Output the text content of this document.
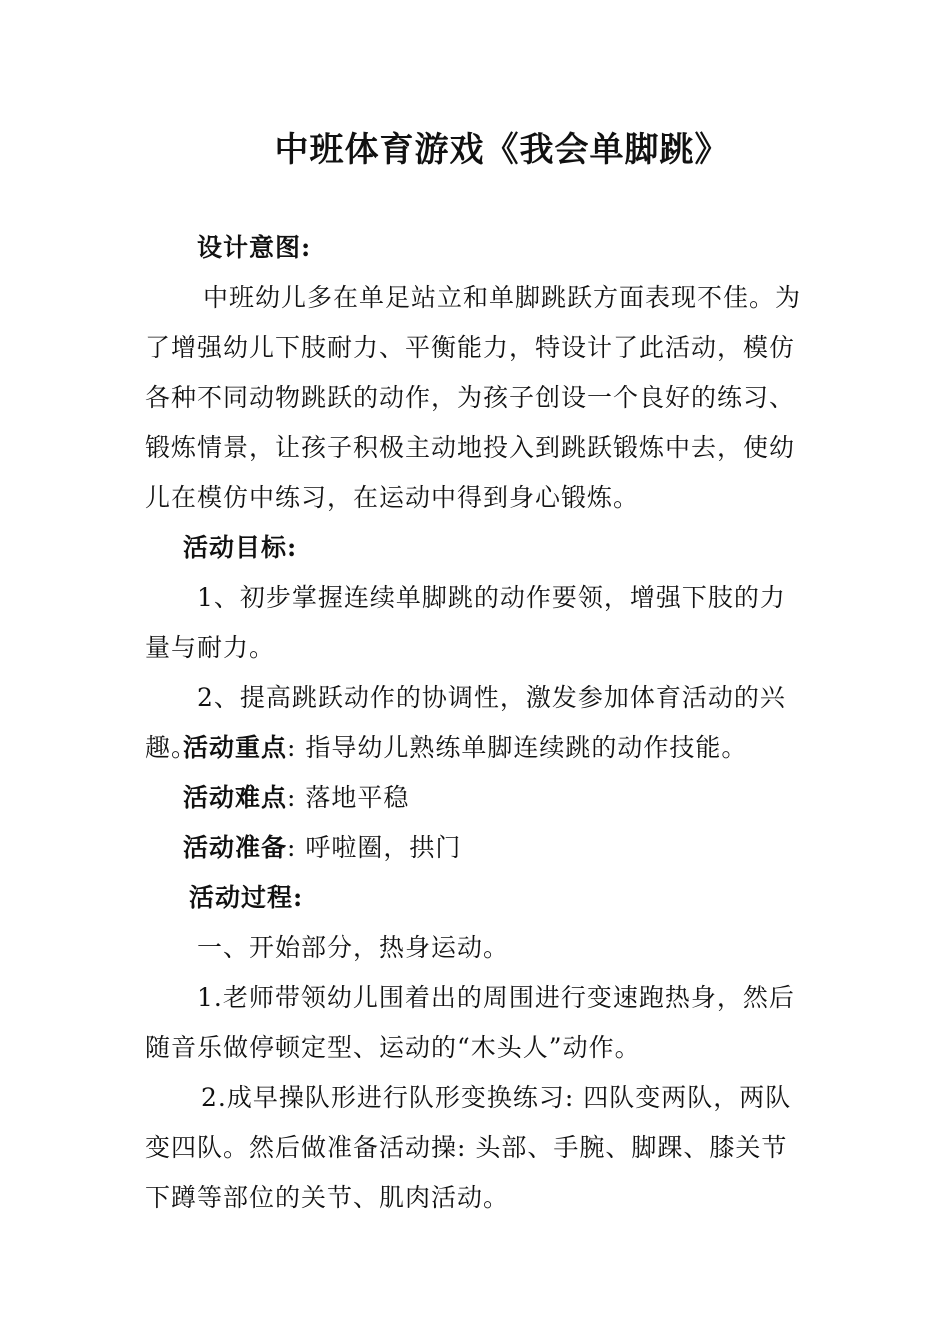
中班体育游戏《我会单脚跳》

设计意图:

中班幼儿多在单足站立和单脚跳跃方面表现不佳。为了增强幼儿下肢耐力、平衡能力，特设计了此活动，模仿各种不同动物跳跃的动作，为孩子创设一个良好的练习、锻炼情景，让孩子积极主动地投入到跳跃锻炼中去，使幼儿在模仿中练习，在运动中得到身心锻炼。

活动目标:

1、初步掌握连续单脚跳的动作要领，增强下肢的力量与耐力。

2、提高跳跃动作的协调性，激发参加体育活动的兴趣。

活动重点: 指导幼儿熟练单脚连续跳的动作技能。

活动难点: 落地平稳

活动准备: 呼啦圈，拱门

活动过程:

一、开始部分，热身运动。

1.老师带领幼儿围着出的周围进行变速跑热身，然后随音乐做停顿定型、运动的“木头人”动作。

2.成早操队形进行队形变换练习: 四队变两队，两队变四队。然后做准备活动操: 头部、手腕、脚踝、膝关节下蹲等部位的关节、肌肉活动。
